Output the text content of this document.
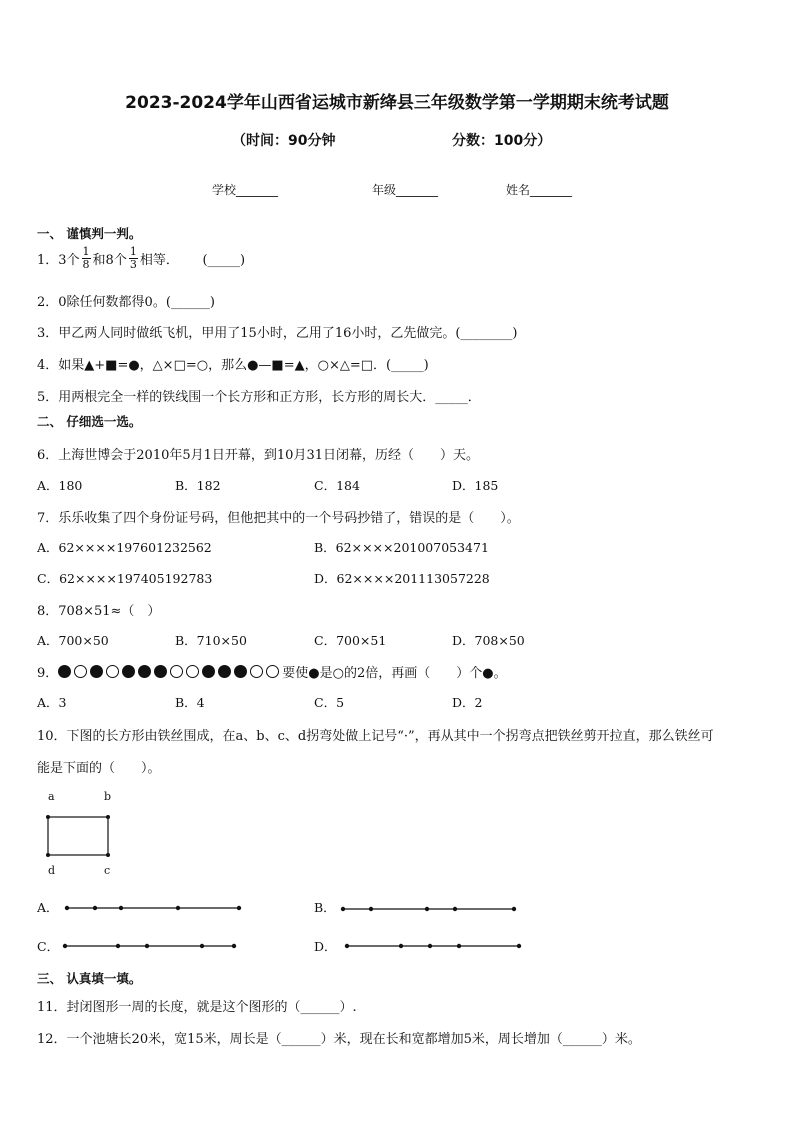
2023-2024学年山西省运城市新绛县三年级数学第一学期期末统考试题
（时间：90分钟	分数：100分）
学校_______	年级_______	姓名_______
一、 谨慎判一判。
1．3个 $\frac{1}{8}$ 和8个 $\frac{1}{3}$ 相等．　　 (_____)
2．0除任何数都得0。(______)
3．甲乙两人同时做纸飞机，甲用了15小时，乙用了16小时，乙先做完。(________)
4．如果▲+■=●，△×□=○，那么●—■=▲，○×△=□．(_____)
5．用两根完全一样的铁线围一个长方形和正方形，长方形的周长大．_____．
二、 仔细选一选。
6．上海世博会于2010年5月1日开幕，到10月31日闭幕，历经（　　）天。
A．180	B．182	C．184	D．185
7．乐乐收集了四个身份证号码，但他把其中的一个号码抄错了，错误的是（　　）。
A．62××××197601232562	B．62××××201007053471
C．62××××197405192783	D．62××××201113057228
8．708×51≈（　）
A．700×50	B．710×50	C．700×51	D．708×50
9．	要使●是○的2倍，再画（　　）个●。
A．3	B．4	C．5	D．2
10．下图的长方形由铁丝围成，在a、b、c、d拐弯处做上记号“·”，再从其中一个拐弯点把铁丝剪开拉直，那么铁丝可
能是下面的（　　）。
a	b
d	c
A．	B．
C．	D．
三、 认真填一填。
11．封闭图形一周的长度，就是这个图形的（______）.
12．一个池塘长20米，宽15米，周长是（______）米，现在长和宽都增加5米，周长增加（______）米。
